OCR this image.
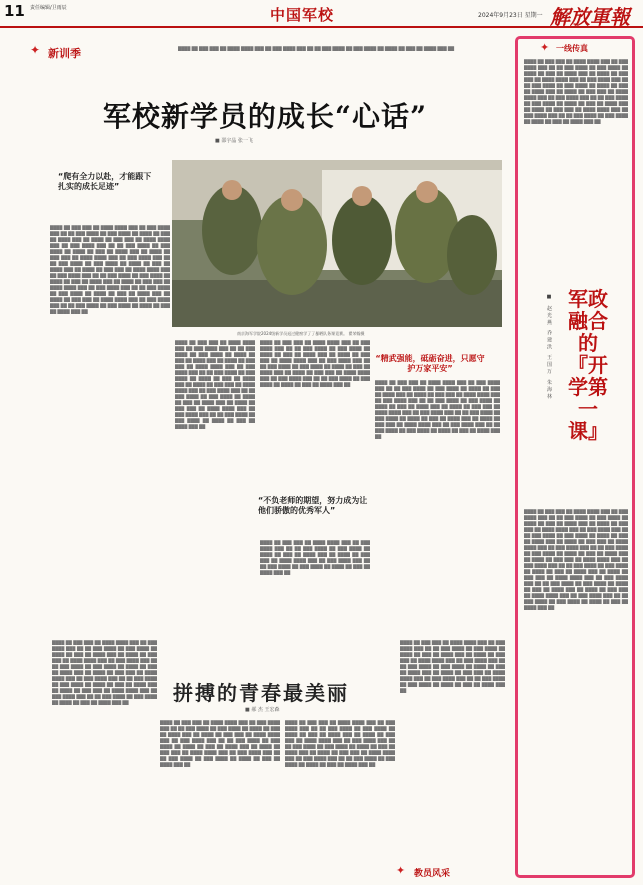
11 责任编辑/卫雨辰	中国军校	2024年9月23日 星期一 解放軍報
████ ██ ███ ███ ██ ████ ████ ███ ██ ███ ████ ███ ██ ██ ███ ████ ██ ███ ████ ██ ████ ██ ███ ██ ████ ███ ██
✦ 新训季
军校新学员的成长“心话”
■ 邵宇晶 张一飞
“爬有全力以赴，才能跟下扎实的成长足迹”
“不负老师的期望，努力成为让他们骄傲的优秀军人”
“精武强能，砥砺奋进，只愿守护万家平安”
南京海军学院2024级新学员退过健窗学了了暴晒队务课竟赛。 翟荣翰摄
████ ██ ███ ███ ██ ████ ████ ███ ██ ███ ████ ███ ██ ██ ███ ████ ██ ███ ████ ██ ████ ██ ███ ██ ████ ███ ██ ████ ██ ███ ███ ██ ████ ████ ███ ██ ███ ████ ███ ██ ██ ███ ████ ██ ███ ████ ██ ████ ██ ███ ██ ████ ███ ██ ████ ██ ███ ███ ██ ████ ████ ███ ██ ███ ████ ███ ██ ██ ███ ████ ██ ███ ████ ██ ████ ██ ███ ██ ████ ███ ██ ████ ██ ███ ███ ██ ████ ████ ███ ██ ███ ████ ███ ██ ██ ███ ████ ██ ███ ████ ██ ████ ██ ███ ██ ████ ███ ██ ████ ██ ███ ███ ██ ████ ████ ███ ██ ███ ████ ███ ██ ██ ███ ████ ██ ███ ████ ██ ████ ██ ███ ██ ████ ███ ██ ████ ██ ███ ███ ██ ████ ████ ███ ██ ███ ████ ███ ██ ██ ███ ████ ██ ███ ████ ██ ████ ██ ███ ██ ████ ███ ██
████ ██ ███ ███ ██ ████ ████ ███ ██ ███ ████ ███ ██ ██ ███ ████ ██ ███ ████ ██ ████ ██ ███ ██ ████ ███ ██ ████ ██ ███ ███ ██ ████ ████ ███ ██ ███ ████ ███ ██ ██ ███ ████ ██ ███ ████ ██ ████ ██ ███ ██ ████ ███ ██ ████ ██ ███ ███ ██ ████ ████ ███ ██ ███ ████ ███ ██ ██ ███ ████ ██ ███ ████ ██ ████ ██ ███ ██ ████ ███ ██ ████ ██ ███ ███ ██ ████ ████ ███ ██ ███ ████ ███ ██ ██ ███ ████ ██ ███ ████ ██ ████ ██ ███ ██ ████ ███ ██
████ ██ ███ ███ ██ ████ ████ ███ ██ ███ ████ ███ ██ ██ ███ ████ ██ ███ ████ ██ ████ ██ ███ ██ ████ ███ ██ ████ ██ ███ ███ ██ ████ ████ ███ ██ ███ ████ ███ ██ ██ ███ ████ ██ ███ ████ ██ ████ ██ ███ ██ ████ ███ ██ ████ ██ ███ ███ ██ ████ ████ ███ ██ ███ ████ ███ ██ ██ ███ ████ ██ ███ ████ ██ ████ ██ ███ ██ ████ ███ ██
████ ██ ███ ███ ██ ████ ████ ███ ██ ███ ████ ███ ██ ██ ███ ████ ██ ███ ████ ██ ████ ██ ███ ██ ████ ███ ██ ████ ██ ███ ███ ██ ████ ████ ███ ██ ███ ████ ███ ██ ██ ███ ████ ██ ███ ████ ██ ████ ██ ███ ██ ████ ███ ██
████ ██ ███ ███ ██ ████ ████ ███ ██ ███ ████ ███ ██ ██ ███ ████ ██ ███ ████ ██ ████ ██ ███ ██ ████ ███ ██ ████ ██ ███ ███ ██ ████ ████ ███ ██ ███ ████ ███ ██ ██ ███ ████ ██ ███ ████ ██ ████ ██ ███ ██ ████ ███ ██ ████ ██ ███ ███ ██ ████ ████ ███ ██ ███ ████ ███ ██ ██ ███ ████ ██ ███ ████ ██ ████ ██ ███ ██ ████ ███ ██ ████ ██ ███ ███ ██ ████ ████ ███ ██ ███ ████ ███ ██ ██ ███ ████ ██ ███ ████ ██ ████ ██ ███ ██ ████ ███ ██
拼搏的青春最美丽
■ 郝 杰 王宏森
████ ██ ███ ███ ██ ████ ████ ███ ██ ███ ████ ███ ██ ██ ███ ████ ██ ███ ████ ██ ████ ██ ███ ██ ████ ███ ██ ████ ██ ███ ███ ██ ████ ████ ███ ██ ███ ████ ███ ██ ██ ███ ████ ██ ███ ████ ██ ████ ██ ███ ██ ████ ███ ██ ████ ██ ███ ███ ██ ████ ████ ███ ██ ███ ████ ███ ██ ██ ███ ████ ██ ███ ████ ██ ████ ██ ███ ██ ████ ███ ██ ████ ██ ███ ███ ██ ████ ████ ███ ██ ███ ████ ███ ██ ██ ███ ████ ██ ███ ████ ██ ████ ██ ███ ██ ████ ███ ██
████ ██ ███ ███ ██ ████ ████ ███ ██ ███ ████ ███ ██ ██ ███ ████ ██ ███ ████ ██ ████ ██ ███ ██ ████ ███ ██ ████ ██ ███ ███ ██ ████ ████ ███ ██ ███ ████ ███ ██ ██ ███ ████ ██ ███ ████ ██ ████ ██ ███ ██ ████ ███ ██ ████ ██ ███ ███ ██ ████ ████ ███ ██ ███ ████ ███ ██ ██ ███ ████ ██ ███ ████ ██ ████ ██ ███ ██ ████ ███ ██
████ ██ ███ ███ ██ ████ ████ ███ ██ ███ ████ ███ ██ ██ ███ ████ ██ ███ ████ ██ ████ ██ ███ ██ ████ ███ ██ ████ ██ ███ ███ ██ ████ ████ ███ ██ ███ ████ ███ ██ ██ ███ ████ ██ ███ ████ ██ ████ ██ ███ ██ ████ ███ ██ ████ ██ ███ ███ ██ ████ ████ ███ ██ ███ ████ ███ ██ ██ ███ ████ ██ ███ ████ ██ ████ ██ ███ ██ ████ ███ ██
████ ██ ███ ███ ██ ████ ████ ███ ██ ███ ████ ███ ██ ██ ███ ████ ██ ███ ████ ██ ████ ██ ███ ██ ████ ███ ██ ████ ██ ███ ███ ██ ████ ████ ███ ██ ███ ████ ███ ██ ██ ███ ████ ██ ███ ████ ██ ████ ██ ███ ██ ████ ███ ██ ████ ██ ███ ███ ██ ████ ████ ███ ██ ███ ████ ███ ██ ██ ███ ████ ██ ███ ████ ██ ████ ██ ███ ██ ████ ███ ██
✦ 教员风采
✦ 一线传真
████ ██ ███ ███ ██ ████ ████ ███ ██ ███ ████ ███ ██ ██ ███ ████ ██ ███ ████ ██ ████ ██ ███ ██ ████ ███ ██ ████ ██ ███ ███ ██ ████ ████ ███ ██ ███ ████ ███ ██ ██ ███ ████ ██ ███ ████ ██ ████ ██ ███ ██ ████ ███ ██ ████ ██ ███ ███ ██ ████ ████ ███ ██ ███ ████ ███ ██ ██ ███ ████ ██ ███ ████ ██ ████ ██ ███ ██ ████ ███ ██ ████ ██ ███ ███ ██ ████ ████ ███ ██ ███ ████ ███ ██ ██ ███ ████ ██ ███ ████ ██ ████ ██ ███ ██ ████ ███ ██
████ ██ ███ ███ ██ ████ ████ ███ ██ ███ ████ ███ ██ ██ ███ ████ ██ ███ ████ ██ ████ ██ ███ ██ ████ ███ ██ ████ ██ ███ ███ ██ ████ ████ ███ ██ ███ ████ ███ ██ ██ ███ ████ ██ ███ ████ ██ ████ ██ ███ ██ ████ ███ ██ ████ ██ ███ ███ ██ ████ ████ ███ ██ ███ ████ ███ ██ ██ ███ ████ ██ ███ ████ ██ ████ ██ ███ ██ ████ ███ ██ ████ ██ ███ ███ ██ ████ ████ ███ ██ ███ ████ ███ ██ ██ ███ ████ ██ ███ ████ ██ ████ ██ ███ ██ ████ ███ ██ ████ ██ ███ ███ ██ ████ ████ ███ ██ ███ ████ ███ ██ ██ ███ ████ ██ ███ ████ ██ ████ ██ ███ ██ ████ ███ ██ ████ ██ ███ ███ ██ ████ ████ ███ ██ ███ ████ ███ ██ ██ ███ ████ ██ ███ ████ ██ ████ ██ ███ ██ ████ ███ ██
军政融合的『开学第一课』
■ 赵光燕 乔建洪 王国万 朱海林
